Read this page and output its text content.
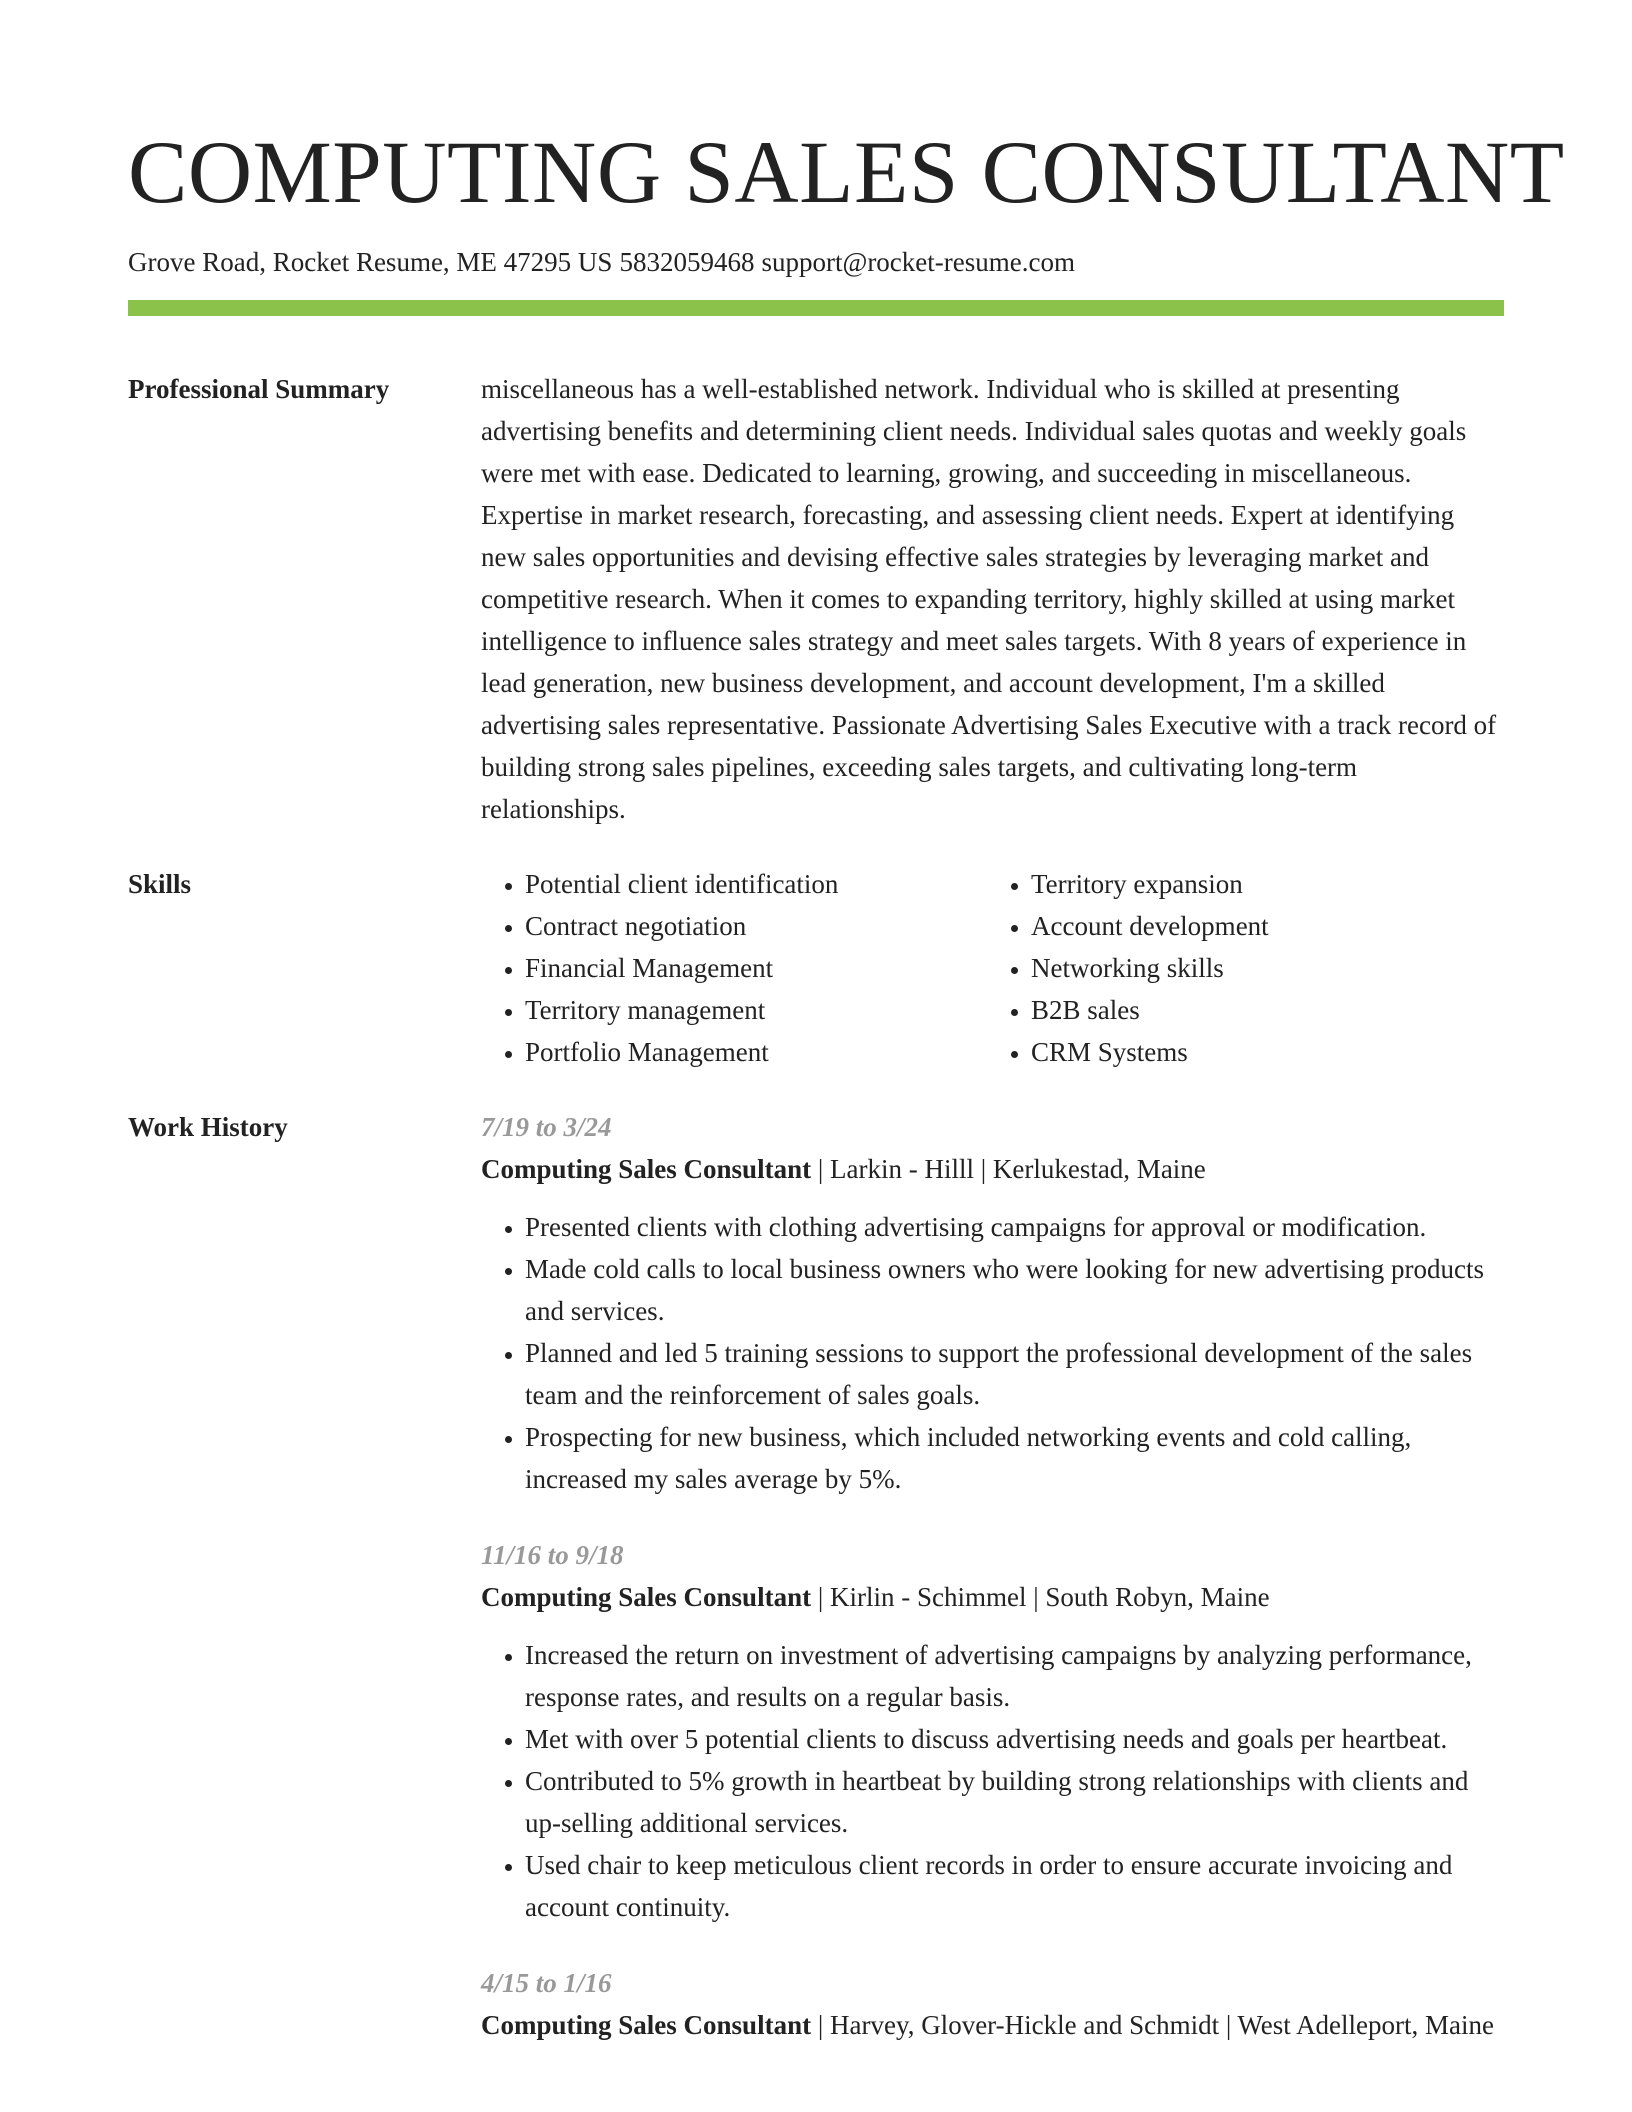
COMPUTING SALES CONSULTANT
Grove Road, Rocket Resume, ME 47295 US 5832059468 support@rocket-resume.com
Professional Summary	miscellaneous has a well-established network. Individual who is skilled at presenting advertising benefits and determining client needs. Individual sales quotas and weekly goals were met with ease. Dedicated to learning, growing, and succeeding in miscellaneous. Expertise in market research, forecasting, and assessing client needs. Expert at identifying new sales opportunities and devising effective sales strategies by leveraging market and competitive research. When it comes to expanding territory, highly skilled at using market intelligence to influence sales strategy and meet sales targets. With 8 years of experience in lead generation, new business development, and account development, I'm a skilled advertising sales representative. Passionate Advertising Sales Executive with a track record of building strong sales pipelines, exceeding sales targets, and cultivating long-term relationships.

Skills
•	Potential client identification
• Contract negotiation
• Financial Management
• Territory management
• Portfolio Management
• Territory expansion
• Account development
• Networking skills
• B2B sales
• CRM Systems
Work History	7/19 to 3/24
Computing Sales Consultant | Larkin - Hilll | Kerlukestad, Maine
• Presented clients with clothing advertising campaigns for approval or modification.
• Made cold calls to local business owners who were looking for new advertising products and services.
• Planned and led 5 training sessions to support the professional development of the sales team and the reinforcement of sales goals.
• Prospecting for new business, which included networking events and cold calling, increased my sales average by 5%.
11/16 to 9/18
Computing Sales Consultant | Kirlin - Schimmel | South Robyn, Maine
• Increased the return on investment of advertising campaigns by analyzing performance, response rates, and results on a regular basis.
• Met with over 5 potential clients to discuss advertising needs and goals per heartbeat.
• Contributed to 5% growth in heartbeat by building strong relationships with clients and up-selling additional services.
• Used chair to keep meticulous client records in order to ensure accurate invoicing and account continuity.
4/15 to 1/16
Computing Sales Consultant | Harvey, Glover-Hickle and Schmidt | West Adelleport, Maine
